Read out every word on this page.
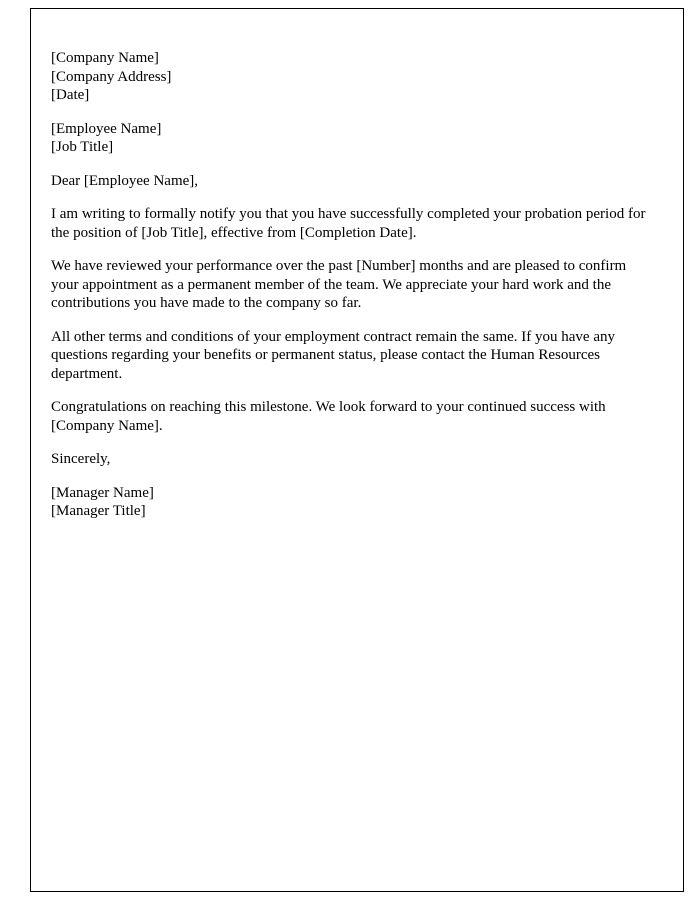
[Company Name]
[Company Address]
[Date]
[Employee Name]
[Job Title]
Dear [Employee Name],
I am writing to formally notify you that you have successfully completed your probation period for the position of [Job Title], effective from [Completion Date].
We have reviewed your performance over the past [Number] months and are pleased to confirm your appointment as a permanent member of the team. We appreciate your hard work and the contributions you have made to the company so far.
All other terms and conditions of your employment contract remain the same. If you have any questions regarding your benefits or permanent status, please contact the Human Resources department.
Congratulations on reaching this milestone. We look forward to your continued success with [Company Name].
Sincerely,
[Manager Name]
[Manager Title]
